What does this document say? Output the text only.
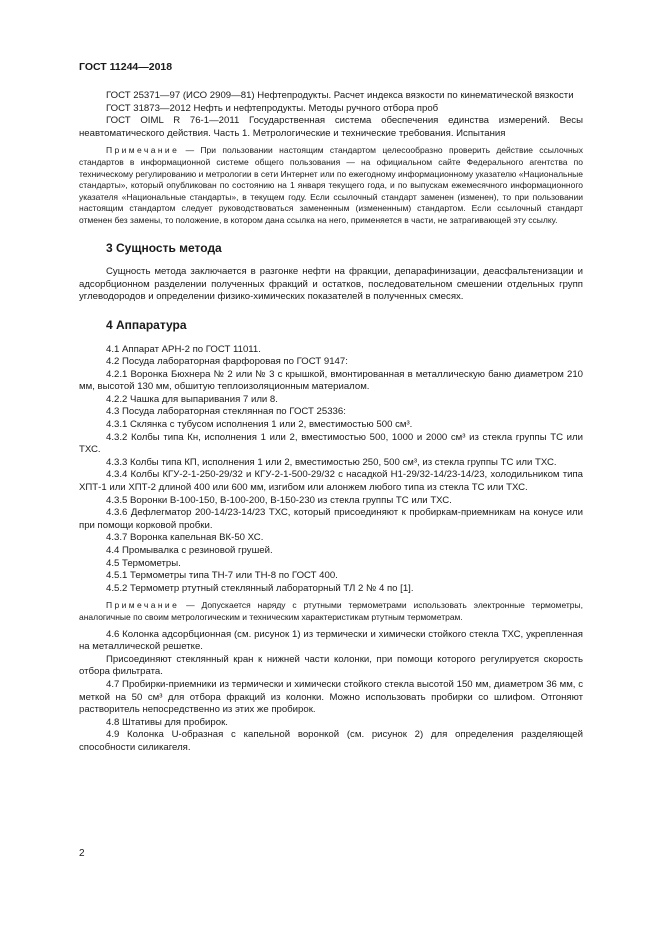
ГОСТ 11244—2018

ГОСТ 25371—97 (ИСО 2909—81) Нефтепродукты. Расчет индекса вязкости по кинематической вязкости

ГОСТ 31873—2012 Нефть и нефтепродукты. Методы ручного отбора проб

ГОСТ OIML R 76-1—2011 Государственная система обеспечения единства измерений. Весы неавтоматического действия. Часть 1. Метрологические и технические требования. Испытания

Примечание — При пользовании настоящим стандартом целесообразно проверить действие ссылочных стандартов в информационной системе общего пользования — на официальном сайте Федерального агентства по техническому регулированию и метрологии в сети Интернет или по ежегодному информационному указателю «Национальные стандарты», который опубликован по состоянию на 1 января текущего года, и по выпускам ежемесячного информационного указателя «Национальные стандарты», в текущем году. Если ссылочный стандарт заменен (изменен), то при пользовании настоящим стандартом следует руководствоваться замененным (измененным) стандартом. Если ссылочный стандарт отменен без замены, то положение, в котором дана ссылка на него, применяется в части, не затрагивающей эту ссылку.

3 Сущность метода

Сущность метода заключается в разгонке нефти на фракции, депарафинизации, деасфальтенизации и адсорбционном разделении полученных фракций и остатков, последовательном смешении отдельных групп углеводородов и определении физико-химических показателей в полученных смесях.

4 Аппаратура

4.1 Аппарат АРН-2 по ГОСТ 11011.

4.2 Посуда лабораторная фарфоровая по ГОСТ 9147:

4.2.1 Воронка Бюхнера № 2 или № 3 с крышкой, вмонтированная в металлическую баню диаметром 210 мм, высотой 130 мм, обшитую теплоизоляционным материалом.

4.2.2 Чашка для выпаривания 7 или 8.

4.3 Посуда лабораторная стеклянная по ГОСТ 25336:

4.3.1 Склянка с тубусом исполнения 1 или 2, вместимостью 500 см³.

4.3.2 Колбы типа Кн, исполнения 1 или 2, вместимостью 500, 1000 и 2000 см³ из стекла группы ТС или ТХС.

4.3.3 Колбы типа КП, исполнения 1 или 2, вместимостью 250, 500 см³, из стекла группы ТС или ТХС.

4.3.4 Колбы КГУ-2-1-250-29/32 и КГУ-2-1-500-29/32 с насадкой Н1-29/32-14/23-14/23, холодильником типа ХПТ-1 или ХПТ-2 длиной 400 или 600 мм, изгибом или алонжем любого типа из стекла ТС или ТХС.

4.3.5 Воронки В-100-150, В-100-200, В-150-230 из стекла группы ТС или ТХС.

4.3.6 Дефлегматор 200-14/23-14/23 ТХС, который присоединяют к пробиркам-приемникам на конусе или при помощи корковой пробки.

4.3.7 Воронка капельная ВК-50 ХС.

4.4 Промывалка с резиновой грушей.

4.5 Термометры.

4.5.1 Термометры типа ТН-7 или ТН-8 по ГОСТ 400.

4.5.2 Термометр ртутный стеклянный лабораторный ТЛ 2 № 4 по [1].

Примечание — Допускается наряду с ртутными термометрами использовать электронные термометры, аналогичные по своим метрологическим и техническим характеристикам ртутным термометрам.

4.6 Колонка адсорбционная (см. рисунок 1) из термически и химически стойкого стекла ТХС, укрепленная на металлической решетке.

Присоединяют стеклянный кран к нижней части колонки, при помощи которого регулируется скорость отбора фильтрата.

4.7 Пробирки-приемники из термически и химически стойкого стекла высотой 150 мм, диаметром 36 мм, с меткой на 50 см³ для отбора фракций из колонки. Можно использовать пробирки со шлифом. Отгоняют растворитель непосредственно из этих же пробирок.

4.8 Штативы для пробирок.

4.9 Колонка U-образная с капельной воронкой (см. рисунок 2) для определения разделяющей способности силикагеля.

2
